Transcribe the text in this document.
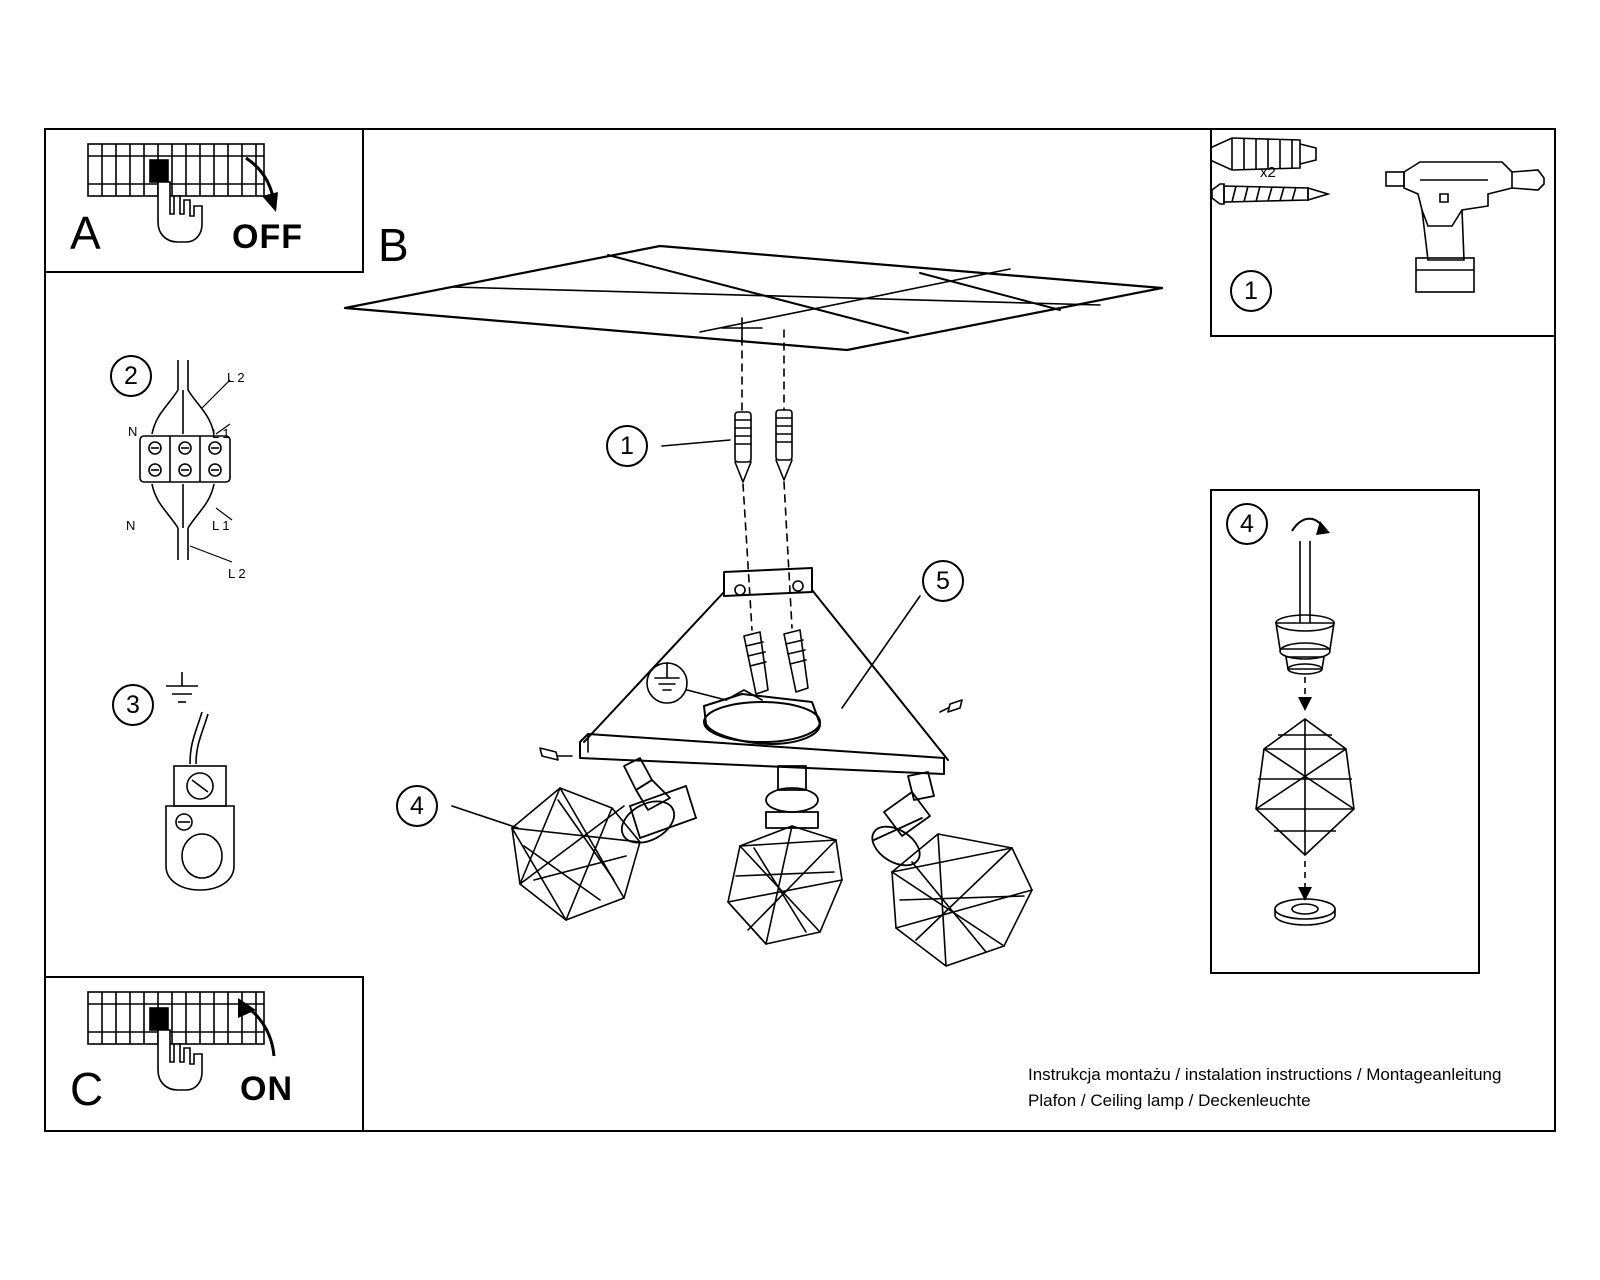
B
1
5
4
A	OFF
C	ON
1
x2
4
2	L 2
N	L 1
N	L 1
L 2
3
Instrukcja montażu / instalation instructions / Montageanleitung
Plafon / Ceiling lamp / Deckenleuchte
